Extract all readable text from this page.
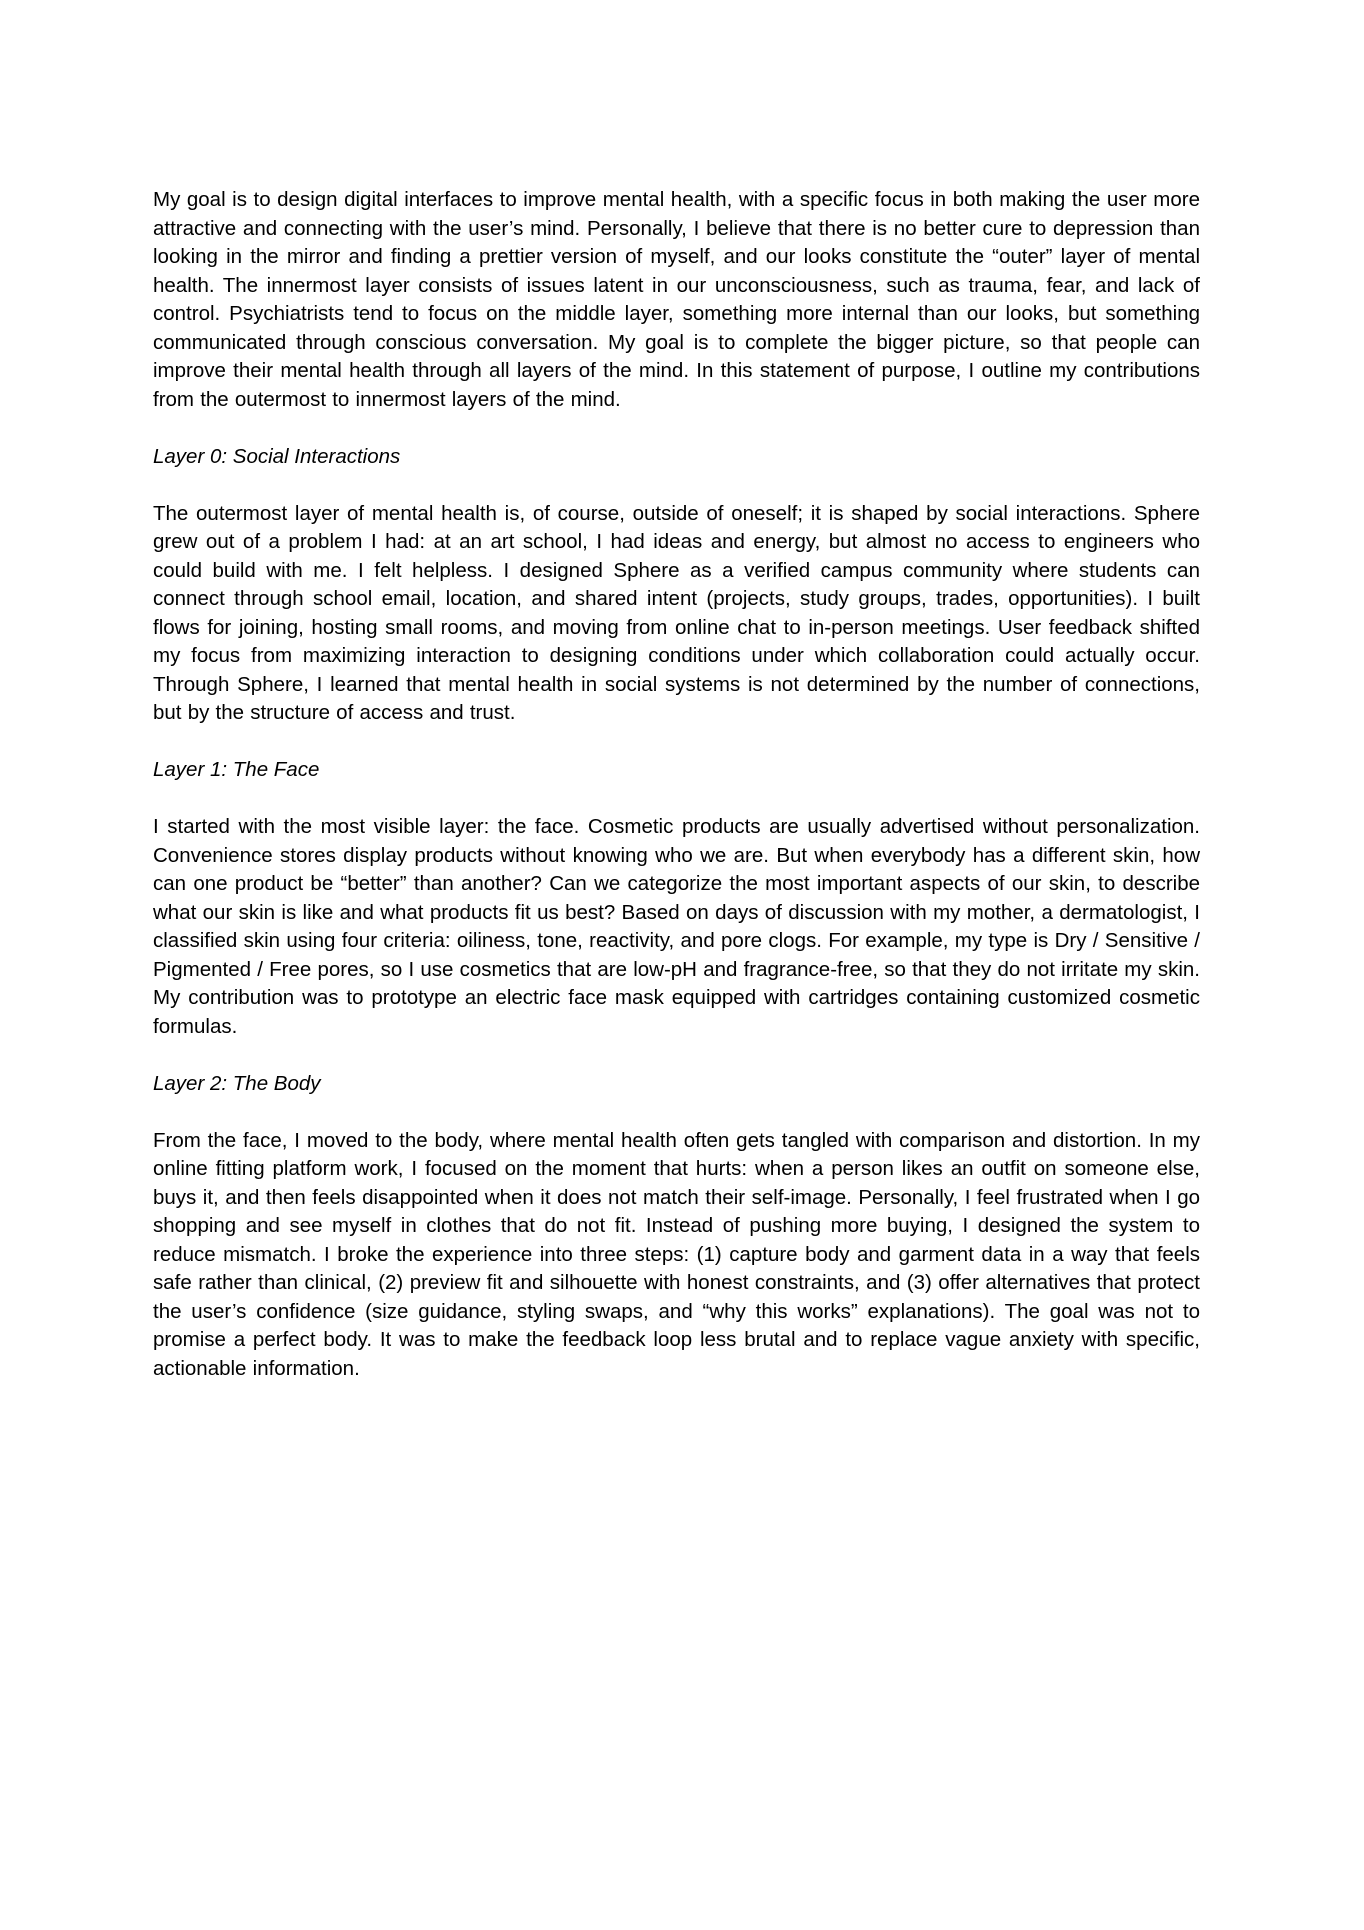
My goal is to design digital interfaces to improve mental health, with a specific focus in both making the user more attractive and connecting with the user’s mind. Personally, I believe that there is no better cure to depression than looking in the mirror and finding a prettier version of myself, and our looks constitute the “outer” layer of mental health. The innermost layer consists of issues latent in our unconsciousness, such as trauma, fear, and lack of control. Psychiatrists tend to focus on the middle layer, something more internal than our looks, but something communicated through conscious conversation. My goal is to complete the bigger picture, so that people can improve their mental health through all layers of the mind. In this statement of purpose, I outline my contributions from the outermost to innermost layers of the mind.

Layer 0: Social Interactions

The outermost layer of mental health is, of course, outside of oneself; it is shaped by social interactions. Sphere grew out of a problem I had: at an art school, I had ideas and energy, but almost no access to engineers who could build with me. I felt helpless. I designed Sphere as a verified campus community where students can connect through school email, location, and shared intent (projects, study groups, trades, opportunities). I built flows for joining, hosting small rooms, and moving from online chat to in-person meetings. User feedback shifted my focus from maximizing interaction to designing conditions under which collaboration could actually occur. Through Sphere, I learned that mental health in social systems is not determined by the number of connections, but by the structure of access and trust.

Layer 1: The Face

I started with the most visible layer: the face. Cosmetic products are usually advertised without personalization. Convenience stores display products without knowing who we are. But when everybody has a different skin, how can one product be “better” than another? Can we categorize the most important aspects of our skin, to describe what our skin is like and what products fit us best? Based on days of discussion with my mother, a dermatologist, I classified skin using four criteria: oiliness, tone, reactivity, and pore clogs. For example, my type is Dry / Sensitive / Pigmented / Free pores, so I use cosmetics that are low-pH and fragrance-free, so that they do not irritate my skin. My contribution was to prototype an electric face mask equipped with cartridges containing customized cosmetic formulas.

Layer 2: The Body

From the face, I moved to the body, where mental health often gets tangled with comparison and distortion. In my online fitting platform work, I focused on the moment that hurts: when a person likes an outfit on someone else, buys it, and then feels disappointed when it does not match their self-image. Personally, I feel frustrated when I go shopping and see myself in clothes that do not fit. Instead of pushing more buying, I designed the system to reduce mismatch. I broke the experience into three steps: (1) capture body and garment data in a way that feels safe rather than clinical, (2) preview fit and silhouette with honest constraints, and (3) offer alternatives that protect the user’s confidence (size guidance, styling swaps, and “why this works” explanations). The goal was not to promise a perfect body. It was to make the feedback loop less brutal and to replace vague anxiety with specific, actionable information.
